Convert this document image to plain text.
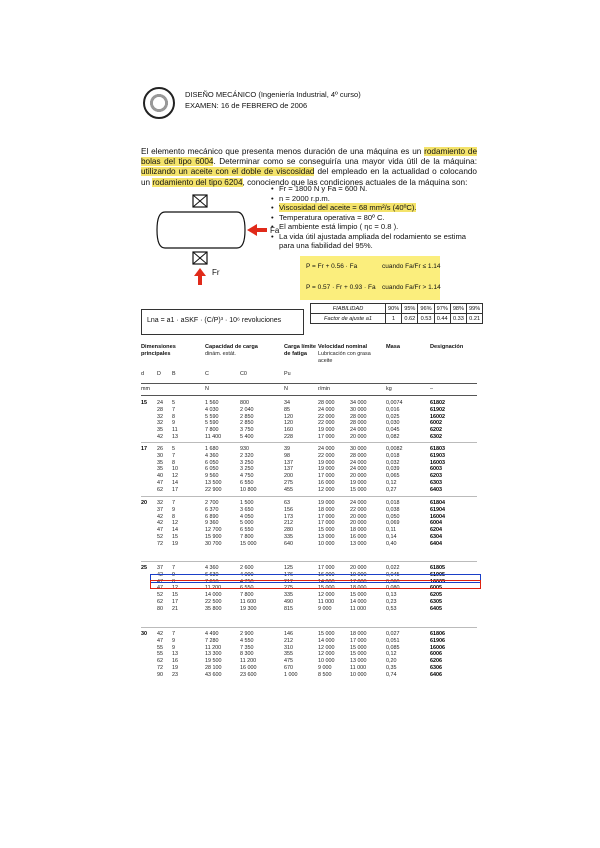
DISEÑO MECÁNICO (Ingeniería Industrial, 4º curso)
EXAMEN: 16 de FEBRERO de 2006
El elemento mecánico que presenta menos duración de una máquina es un rodamiento de bolas del tipo 6004. Determinar como se conseguiría una mayor vida útil de la máquina: utilizando un aceite con el doble de viscosidad del empleado en la actualidad o colocando un rodamiento del tipo 6204, conociendo que las condiciones actuales de la máquina son:
Fa
Fr
• Fr = 1800 N y Fa = 600 N.
• n = 2000 r.p.m.
• Viscosidad del aceite = 68 mm²/s (40ºC).
• Temperatura operativa = 80º C.
• El ambiente está limpio ( ηc = 0.8 ).
• La vida útil ajustada ampliada del rodamiento se estima para una fiabilidad del 95%.
P = Fr + 0.56 · Fa	cuando Fa/Fr ≤ 1.14
P = 0.57 · Fr + 0.93 · Fa cuando Fa/Fr > 1.14
Lna = a1 · aSKF · (C/P)³ · 10⁶ revoluciones
FIABILIDAD	90%	95%	96%	97%	98%	99%
Factor de ajuste a1	1	0.62	0.53	0.44	0.33	0.21
Dimensiones principales
Capacidad de carga
dinám. estát.
Carga límite de fatiga
Velocidad nominal
Lubricación con grasa aceite
Masa	Designación
d D B	C	C0	Pu
mm	N	N	r/min	kg	–
15 24 5	1 560	800	34	28 000	34 000	0,0074	61802
28 7	4 030	2 040	85	24 000	30 000	0,016	61902
32 8	5 590	2 850	120	22 000	28 000	0,025	16002
32 9	5 590	2 850	120	22 000	28 000	0,030	6002
35 11	7 800	3 750	160	19 000	24 000	0,045	6202
42 13	11 400	5 400	228	17 000	20 000	0,082	6302
17 26 5	1 680	930	39	24 000	30 000	0,0082	61803
30 7	4 360	2 320	98	22 000	28 000	0,018	61903
35 8	6 050	3 250	137	19 000	24 000	0,032	16003
35 10	6 050	3 250	137	19 000	24 000	0,039	6003
40 12	9 560	4 750	200	17 000	20 000	0,065	6203
47 14	13 500	6 550	275	16 000	19 000	0,12	6303
62 17	22 900	10 800	455	12 000	15 000	0,27	6403
20 32 7	2 700	1 500	63	19 000	24 000	0,018	61804
37 9	6 370	3 650	156	18 000	22 000	0,038	61904
42 8	6 890	4 050	173	17 000	20 000	0,050	16004
42 12	9 360	5 000	212	17 000	20 000	0,069	6004
47 14	12 700	6 550	280	15 000	18 000	0,11	6204
52 15	15 900	7 800	335	13 000	16 000	0,14	6304
72 19	30 700	15 000	640	10 000	13 000	0,40	6404
25 37 7	4 360	2 600	125	17 000	20 000	0,022	61805
42 9	6 630	4 000	176	16 000	19 000	0,045	61905
47 8	7 610	4 750	212	14 000	17 000	0,060	16005
47 12	11 200	6 550	275	15 000	18 000	0,080	6005
52 15	14 000	7 800	335	12 000	15 000	0,13	6205
62 17	22 500	11 600	490	11 000	14 000	0,23	6305
80 21	35 800	19 300	815	9 000	11 000	0,53	6405
30 42 7	4 490	2 900	146	15 000	18 000	0,027	61806
47 9	7 280	4 550	212	14 000	17 000	0,051	61906
55 9	11 200	7 350	310	12 000	15 000	0,085	16006
55 13	13 300	8 300	355	12 000	15 000	0,12	6006
62 16	19 500	11 200	475	10 000	13 000	0,20	6206
72 19	28 100	16 000	670	9 000	11 000	0,35	6306
90 23	43 600	23 600	1 000	8 500	10 000	0,74	6406
